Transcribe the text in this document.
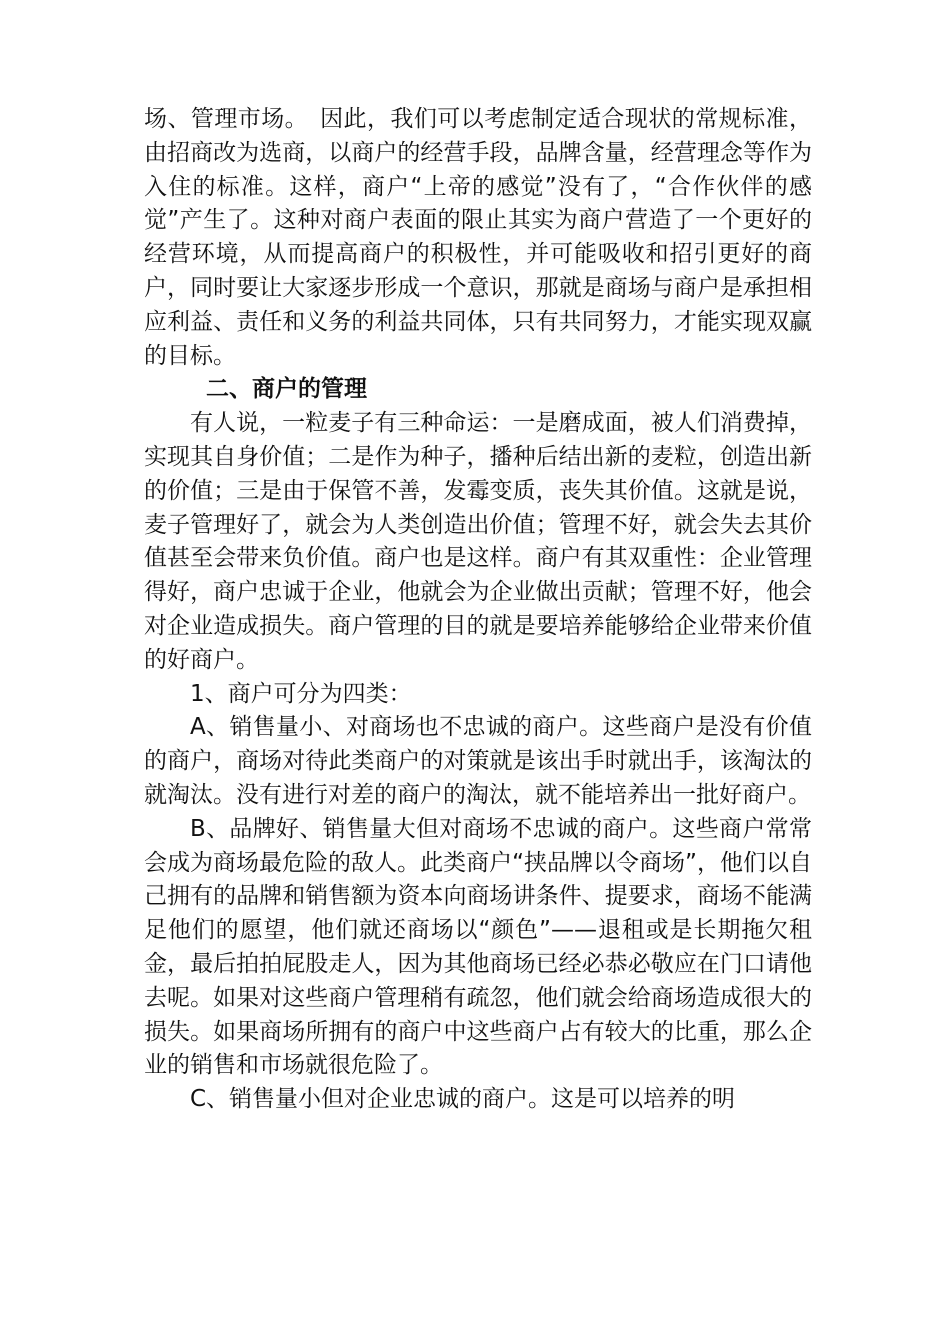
场、管理市场。　因此，我们可以考虑制定适合现状的常规标准，由招商改为选商，以商户的经营手段，品牌含量，经营理念等作为入住的标准。这样，商户“上帝的感觉”没有了，“合作伙伴的感觉”产生了。这种对商户表面的限止其实为商户营造了一个更好的经营环境，从而提高商户的积极性，并可能吸收和招引更好的商户，同时要让大家逐步形成一个意识，那就是商场与商户是承担相应利益、责任和义务的利益共同体，只有共同努力，才能实现双赢的目标。

二、商户的管理

有人说，一粒麦子有三种命运：一是磨成面，被人们消费掉，实现其自身价值；二是作为种子，播种后结出新的麦粒，创造出新的价值；三是由于保管不善，发霉变质，丧失其价值。这就是说，麦子管理好了，就会为人类创造出价值；管理不好，就会失去其价值甚至会带来负价值。商户也是这样。商户有其双重性：企业管理得好，商户忠诚于企业，他就会为企业做出贡献；管理不好，他会对企业造成损失。商户管理的目的就是要培养能够给企业带来价值的好商户。

1、商户可分为四类：

A、销售量小、对商场也不忠诚的商户。这些商户是没有价值的商户，商场对待此类商户的对策就是该出手时就出手，该淘汰的就淘汰。没有进行对差的商户的淘汰，就不能培养出一批好商户。

B、品牌好、销售量大但对商场不忠诚的商户。这些商户常常会成为商场最危险的敌人。此类商户“挟品牌以令商场”，他们以自己拥有的品牌和销售额为资本向商场讲条件、提要求，商场不能满足他们的愿望，他们就还商场以“颜色”——退租或是长期拖欠租金，最后拍拍屁股走人，因为其他商场已经必恭必敬应在门口请他去呢。如果对这些商户管理稍有疏忽，他们就会给商场造成很大的损失。如果商场所拥有的商户中这些商户占有较大的比重，那么企业的销售和市场就很危险了。

C、销售量小但对企业忠诚的商户。这是可以培养的明
